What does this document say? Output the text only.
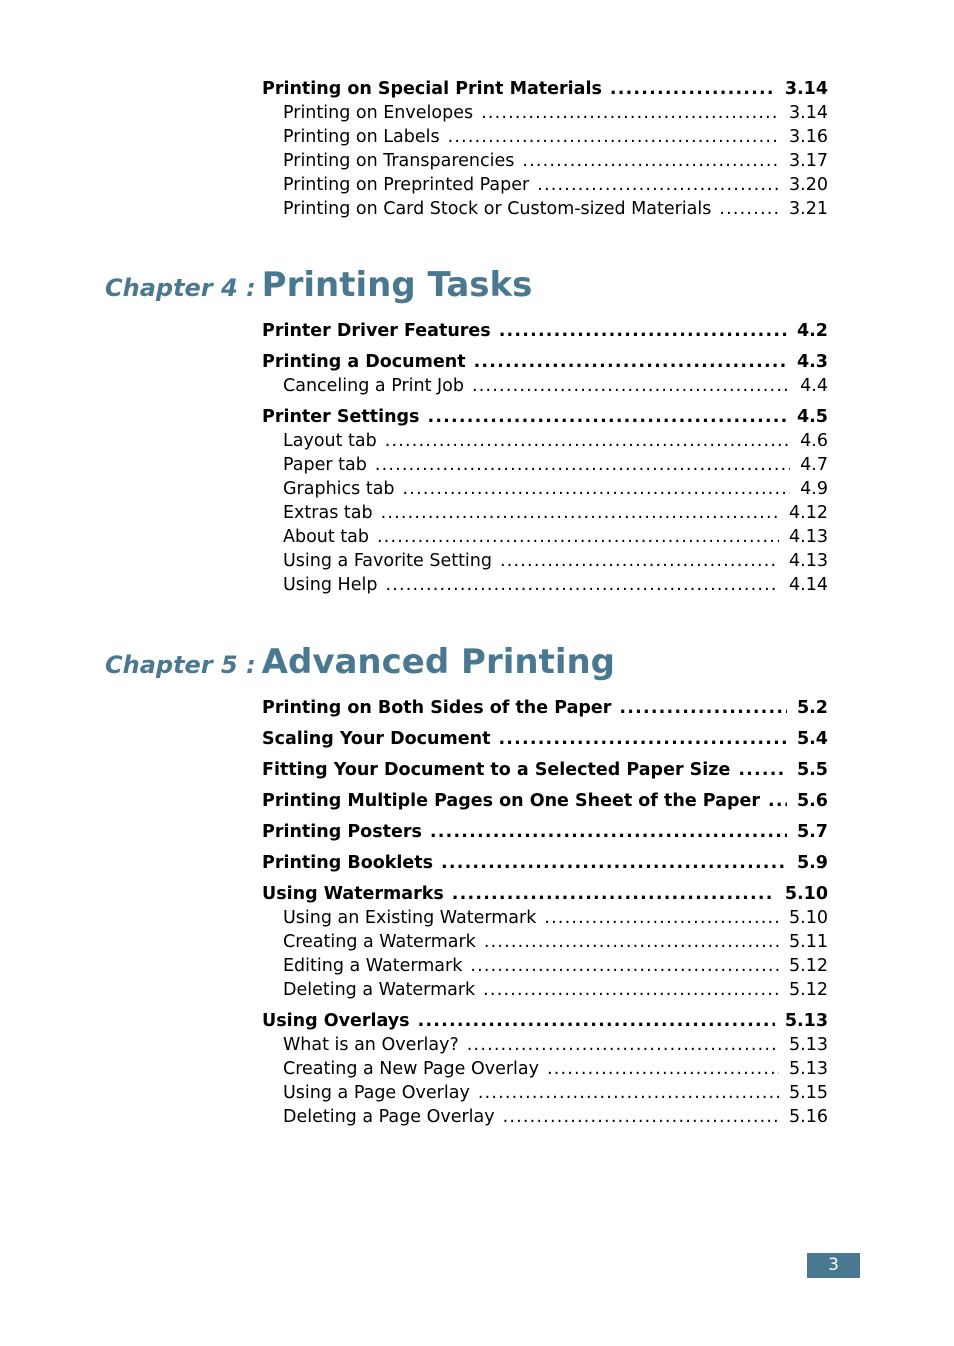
Printing on Special Print Materials .....	3.14
Printing on Envelopes .....	3.14
Printing on Labels .....	3.16
Printing on Transparencies .....	3.17
Printing on Preprinted Paper .....	3.20
Printing on Card Stock or Custom-sized Materials .....	3.21
Chapter 4 : Printing Tasks
Printer Driver Features .....	4.2
Printing a Document .....	4.3
Canceling a Print Job .....	4.4
Printer Settings .....	4.5
Layout tab .....	4.6
Paper tab .....	4.7
Graphics tab .....	4.9
Extras tab .....	4.12
About tab .....	4.13
Using a Favorite Setting .....	4.13
Using Help .....	4.14
Chapter 5 : Advanced Printing
Printing on Both Sides of the Paper .....	5.2
Scaling Your Document .....	5.4
Fitting Your Document to a Selected Paper Size .....	5.5
Printing Multiple Pages on One Sheet of the Paper .....	5.6
Printing Posters .....	5.7
Printing Booklets .....	5.9
Using Watermarks .....	5.10
Using an Existing Watermark .....	5.10
Creating a Watermark .....	5.11
Editing a Watermark .....	5.12
Deleting a Watermark .....	5.12
Using Overlays .....	5.13
What is an Overlay? .....	5.13
Creating a New Page Overlay .....	5.13
Using a Page Overlay .....	5.15
Deleting a Page Overlay .....	5.16
3
